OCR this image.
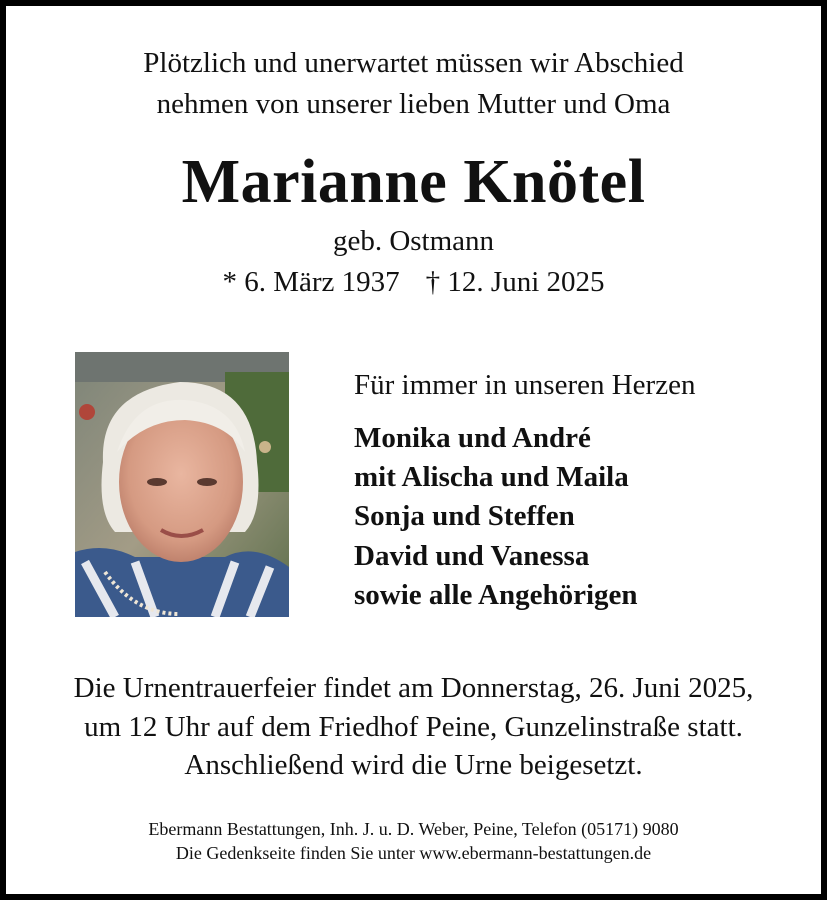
Plötzlich und unerwartet müssen wir Abschied
nehmen von unserer lieben Mutter und Oma
Marianne Knötel
geb. Ostmann
* 6. März 1937 † 12. Juni 2025
Für immer in unseren Herzen
Monika und André
mit Alischa und Maila
Sonja und Steffen
David und Vanessa
sowie alle Angehörigen
Die Urnentrauerfeier findet am Donnerstag, 26. Juni 2025,
um 12 Uhr auf dem Friedhof Peine, Gunzelinstraße statt.
Anschließend wird die Urne beigesetzt.
Ebermann Bestattungen, Inh. J. u. D. Weber, Peine, Telefon (05171) 9080
Die Gedenkseite finden Sie unter www.ebermann-bestattungen.de
